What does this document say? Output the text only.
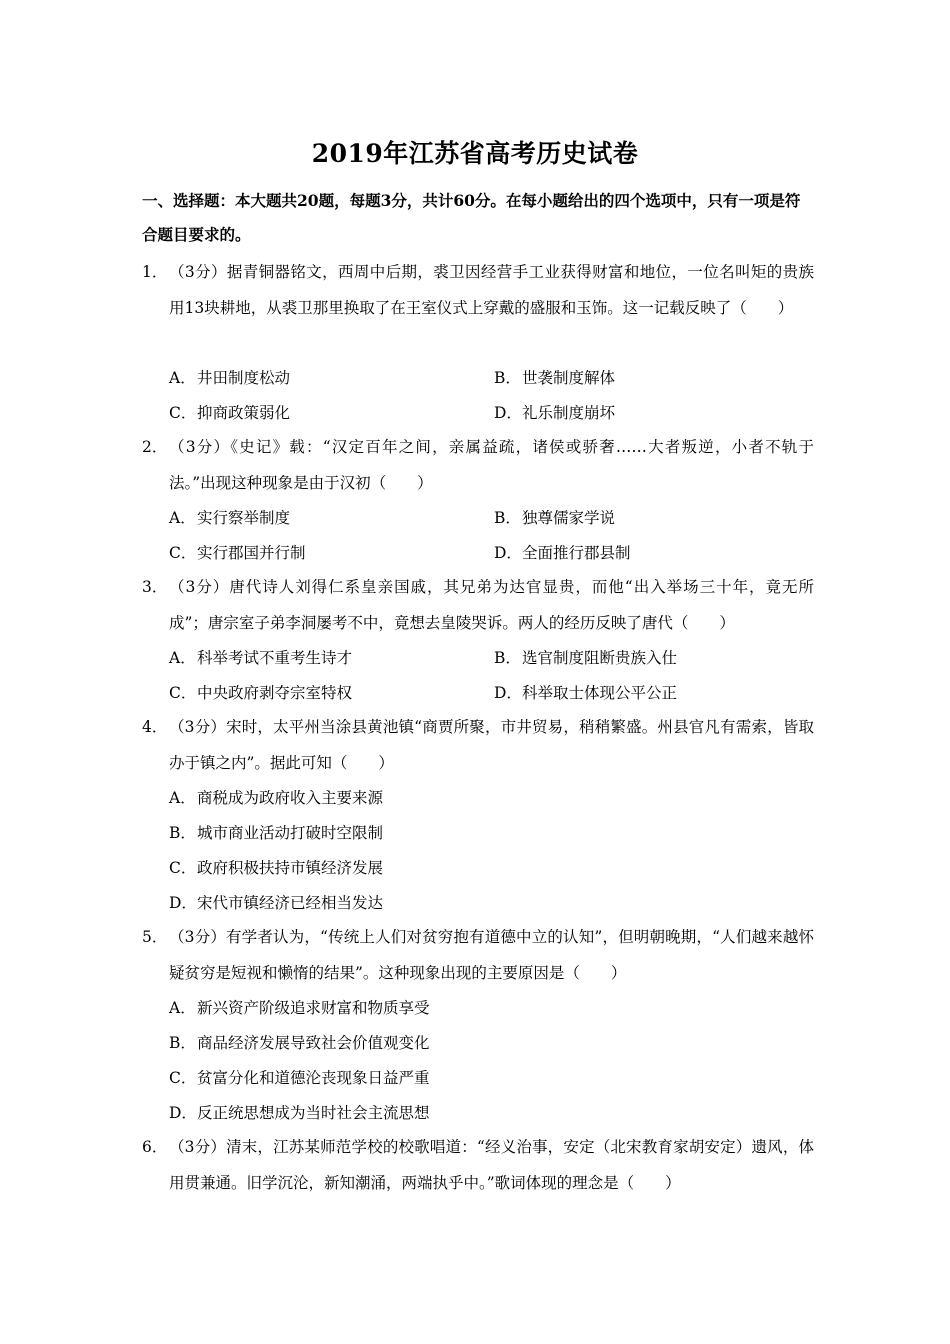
2019年江苏省高考历史试卷
一、选择题：本大题共20题，每题3分，共计60分。在每小题给出的四个选项中，只有一项是符合题目要求的。
1． （3分）据青铜器铭文，西周中后期，裘卫因经营手工业获得财富和地位，一位名叫矩的贵族用13块耕地，从裘卫那里换取了在王室仪式上穿戴的盛服和玉饰。这一记载反映了（　　）
A．井田制度松动	B．世袭制度解体
C．抑商政策弱化	D．礼乐制度崩坏
2． （3分）《史记》载：“汉定百年之间，亲属益疏，诸侯或骄奢……大者叛逆，小者不轨于法。”出现这种现象是由于汉初（　　）
A．实行察举制度	B．独尊儒家学说
C．实行郡国并行制	D．全面推行郡县制
3． （3分）唐代诗人刘得仁系皇亲国戚，其兄弟为达官显贵，而他“出入举场三十年，竟无所成”；唐宗室子弟李洞屡考不中，竟想去皇陵哭诉。两人的经历反映了唐代（　　）
A．科举考试不重考生诗才	B．选官制度阻断贵族入仕
C．中央政府剥夺宗室特权	D．科举取士体现公平公正
4． （3分）宋时，太平州当涂县黄池镇“商贾所聚，市井贸易，稍稍繁盛。州县官凡有需索，皆取办于镇之内”。据此可知（　　）
A．商税成为政府收入主要来源
B．城市商业活动打破时空限制
C．政府积极扶持市镇经济发展
D．宋代市镇经济已经相当发达
5． （3分）有学者认为，“传统上人们对贫穷抱有道德中立的认知”，但明朝晚期，“人们越来越怀疑贫穷是短视和懒惰的结果”。这种现象出现的主要原因是（　　）
A．新兴资产阶级追求财富和物质享受
B．商品经济发展导致社会价值观变化
C．贫富分化和道德沦丧现象日益严重
D．反正统思想成为当时社会主流思想
6． （3分）清末，江苏某师范学校的校歌唱道：“经义治事，安定（北宋教育家胡安定）遗风，体用贯兼通。旧学沉沦，新知潮涌，两端执乎中。”歌词体现的理念是（　　）
